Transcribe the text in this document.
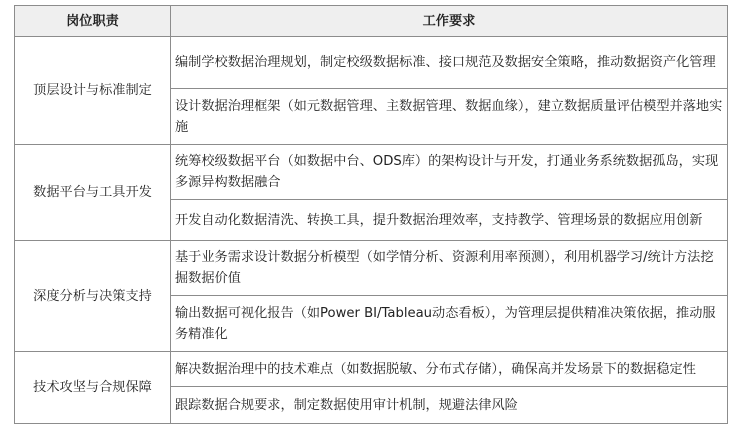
岗位职责	工作要求
顶层设计与标准制定	编制学校数据治理规划，制定校级数据标准、接口规范及数据安全策略，推动数据资产化管理
	设计数据治理框架（如元数据管理、主数据管理、数据血缘），建立数据质量评估模型并落地实施
数据平台与工具开发	统筹校级数据平台（如数据中台、ODS库）的架构设计与开发，打通业务系统数据孤岛，实现多源异构数据融合
	开发自动化数据清洗、转换工具，提升数据治理效率，支持教学、管理场景的数据应用创新
深度分析与决策支持	基于业务需求设计数据分析模型（如学情分析、资源利用率预测），利用机器学习/统计方法挖掘数据价值
	输出数据可视化报告（如Power BI/Tableau动态看板），为管理层提供精准决策依据，推动服务精准化
技术攻坚与合规保障	解决数据治理中的技术难点（如数据脱敏、分布式存储），确保高并发场景下的数据稳定性
	跟踪数据合规要求，制定数据使用审计机制，规避法律风险
